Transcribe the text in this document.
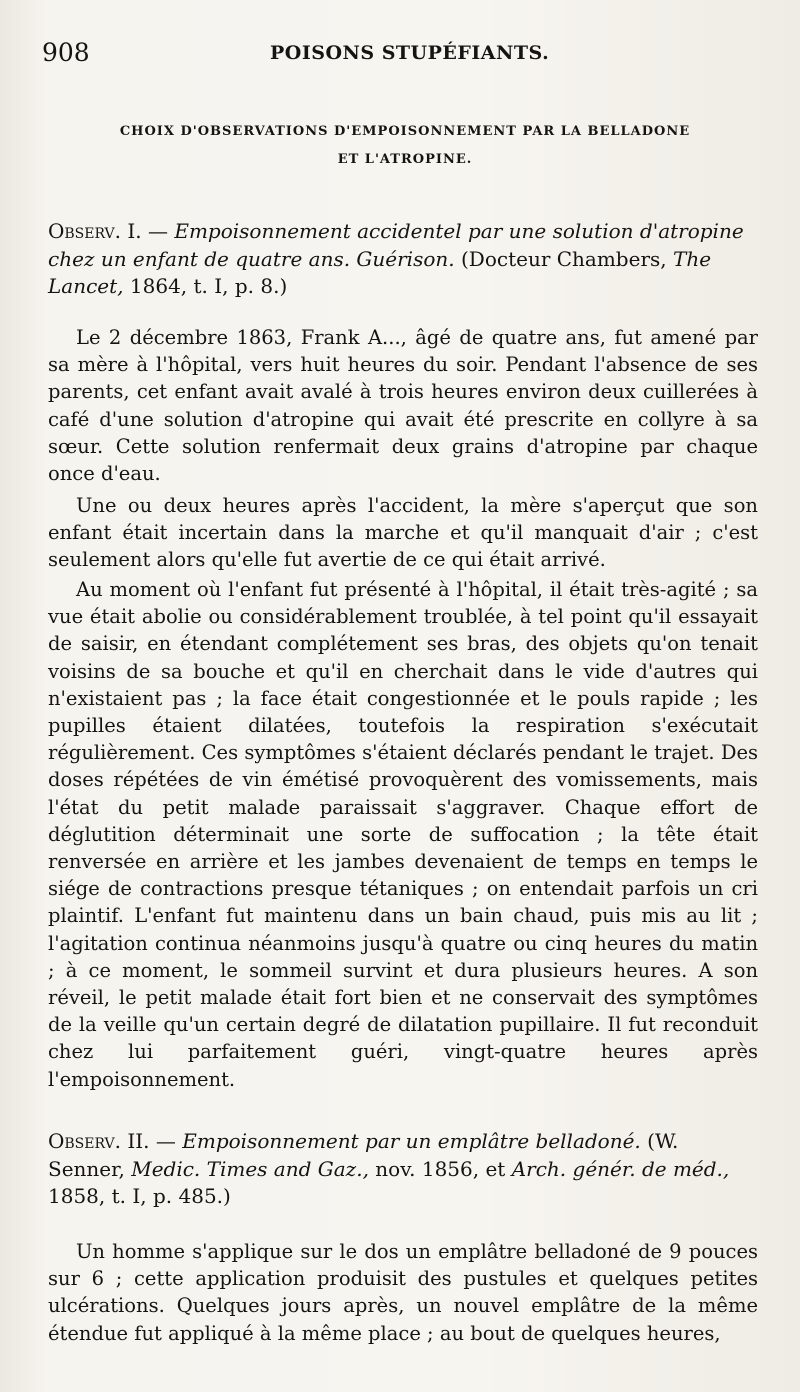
908	POISONS STUPÉFIANTS.
CHOIX D'OBSERVATIONS D'EMPOISONNEMENT PAR LA BELLADONE
ET L'ATROPINE.
Observ. I. — Empoisonnement accidentel par une solution d'atropine chez un enfant de quatre ans. Guérison. (Docteur Chambers, The Lancet, 1864, t. I, p. 8.)
Le 2 décembre 1863, Frank A..., âgé de quatre ans, fut amené par sa mère à l'hôpital, vers huit heures du soir. Pendant l'absence de ses parents, cet enfant avait avalé à trois heures environ deux cuillerées à café d'une solution d'atropine qui avait été prescrite en collyre à sa sœur. Cette solution renfermait deux grains d'atropine par chaque once d'eau.
Une ou deux heures après l'accident, la mère s'aperçut que son enfant était incertain dans la marche et qu'il manquait d'air ; c'est seulement alors qu'elle fut avertie de ce qui était arrivé.
Au moment où l'enfant fut présenté à l'hôpital, il était très-agité ; sa vue était abolie ou considérablement troublée, à tel point qu'il essayait de saisir, en étendant complétement ses bras, des objets qu'on tenait voisins de sa bouche et qu'il en cherchait dans le vide d'autres qui n'existaient pas ; la face était congestionnée et le pouls rapide ; les pupilles étaient dilatées, toutefois la respiration s'exécutait régulièrement. Ces symptômes s'étaient déclarés pendant le trajet. Des doses répétées de vin émétisé provoquèrent des vomissements, mais l'état du petit malade paraissait s'aggraver. Chaque effort de déglutition déterminait une sorte de suffocation ; la tête était renversée en arrière et les jambes devenaient de temps en temps le siége de contractions presque tétaniques ; on entendait parfois un cri plaintif. L'enfant fut maintenu dans un bain chaud, puis mis au lit ; l'agitation continua néanmoins jusqu'à quatre ou cinq heures du matin ; à ce moment, le sommeil survint et dura plusieurs heures. A son réveil, le petit malade était fort bien et ne conservait des symptômes de la veille qu'un certain degré de dilatation pupillaire. Il fut reconduit chez lui parfaitement guéri, vingt-quatre heures après l'empoisonnement.
Observ. II. — Empoisonnement par un emplâtre belladoné. (W. Senner, Medic. Times and Gaz., nov. 1856, et Arch. génér. de méd., 1858, t. I, p. 485.)
Un homme s'applique sur le dos un emplâtre belladoné de 9 pouces sur 6 ; cette application produisit des pustules et quelques petites ulcérations. Quelques jours après, un nouvel emplâtre de la même étendue fut appliqué à la même place ; au bout de quelques heures,
